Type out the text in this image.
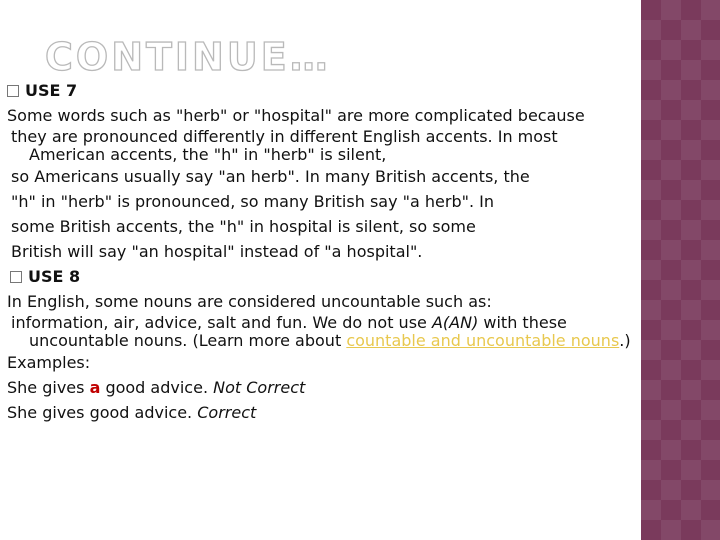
CONTINUE…
USE 7
Some words such as "herb" or "hospital" are more complicated because
they are pronounced differently in different English accents. In most
American accents, the "h" in "herb" is silent,
so Americans usually say "an herb". In many British accents, the
"h" in "herb" is pronounced, so many British say "a herb". In
some British accents, the "h" in hospital is silent, so some
British will say "an hospital" instead of "a hospital".
USE 8
In English, some nouns are considered uncountable such as:
information, air, advice, salt and fun. We do not use A(AN) with these
uncountable nouns. (Learn more about countable and uncountable nouns.)
Examples:
She gives a good advice. Not Correct
She gives good advice. Correct
